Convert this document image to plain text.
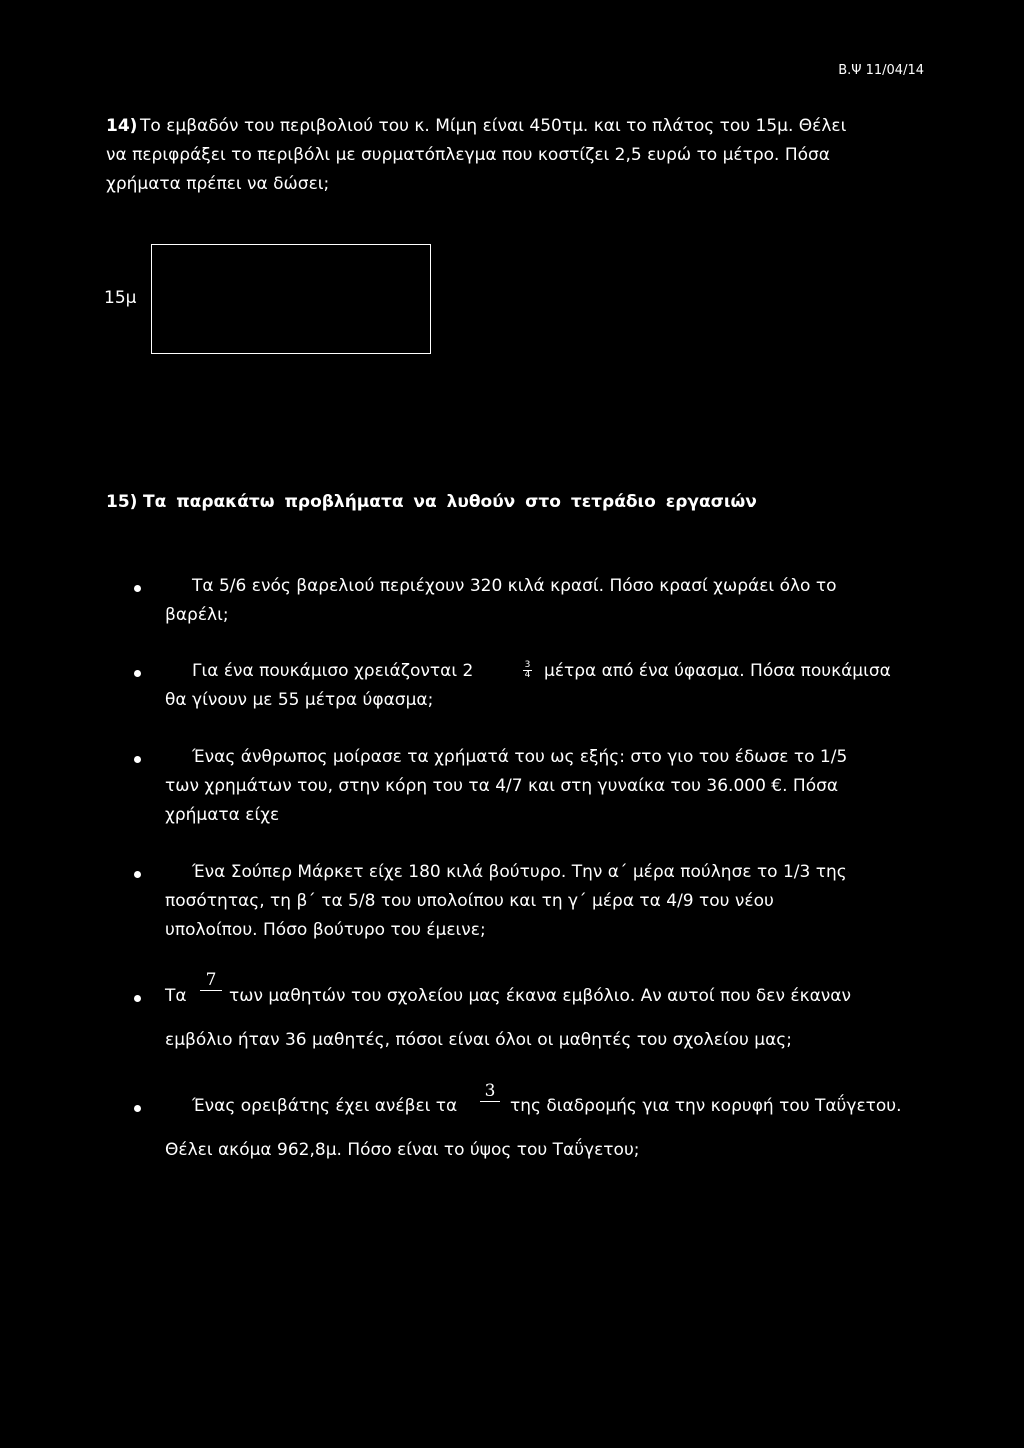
B.Ψ 11/04/14
14) Το εμβαδόν του περιβολιού του κ. Μίμη είναι 450τμ. και το πλάτος του 15μ. Θέλει
να περιφράξει το περιβόλι με συρματόπλεγμα που κοστίζει 2,5 ευρώ το μέτρο. Πόσα
χρήματα πρέπει να δώσει;
15μ
15) Τα παρακάτω προβλήματα να λυθούν στο τετράδιο εργασιών
Τα 5/6 ενός βαρελιού περιέχουν 320 κιλά κρασί. Πόσο κρασί χωράει όλο το
βαρέλι;
Για ένα πουκάμισο χρειάζονται 2	3
4 μέτρα από ένα ύφασμα. Πόσα πουκάμισα
θα γίνουν με 55 μέτρα ύφασμα;
Ένας άνθρωπος μοίρασε τα χρήματά του ως εξής: στο γιο του έδωσε το 1/5
των χρημάτων του, στην κόρη του τα 4/7 και στη γυναίκα του 36.000 €. Πόσα
χρήματα είχε
Ένα Σούπερ Μάρκετ είχε 180 κιλά βούτυρο. Την α΄ μέρα πούλησε το 1/3 της
ποσότητας, τη β΄ τα 5/8 του υπολοίπου και τη γ΄ μέρα τα 4/9 του νέου
υπολοίπου. Πόσο βούτυρο του έμεινε;
Τα
7
των μαθητών του σχολείου μας έκανα εμβόλιο. Αν αυτοί που δεν έκαναν
εμβόλιο ήταν 36 μαθητές, πόσοι είναι όλοι οι μαθητές του σχολείου μας;
Ένας ορειβάτης έχει ανέβει τα
3
της διαδρομής για την κορυφή του Ταΰγετου.
Θέλει ακόμα 962,8μ. Πόσο είναι το ύψος του Ταΰγετου;
